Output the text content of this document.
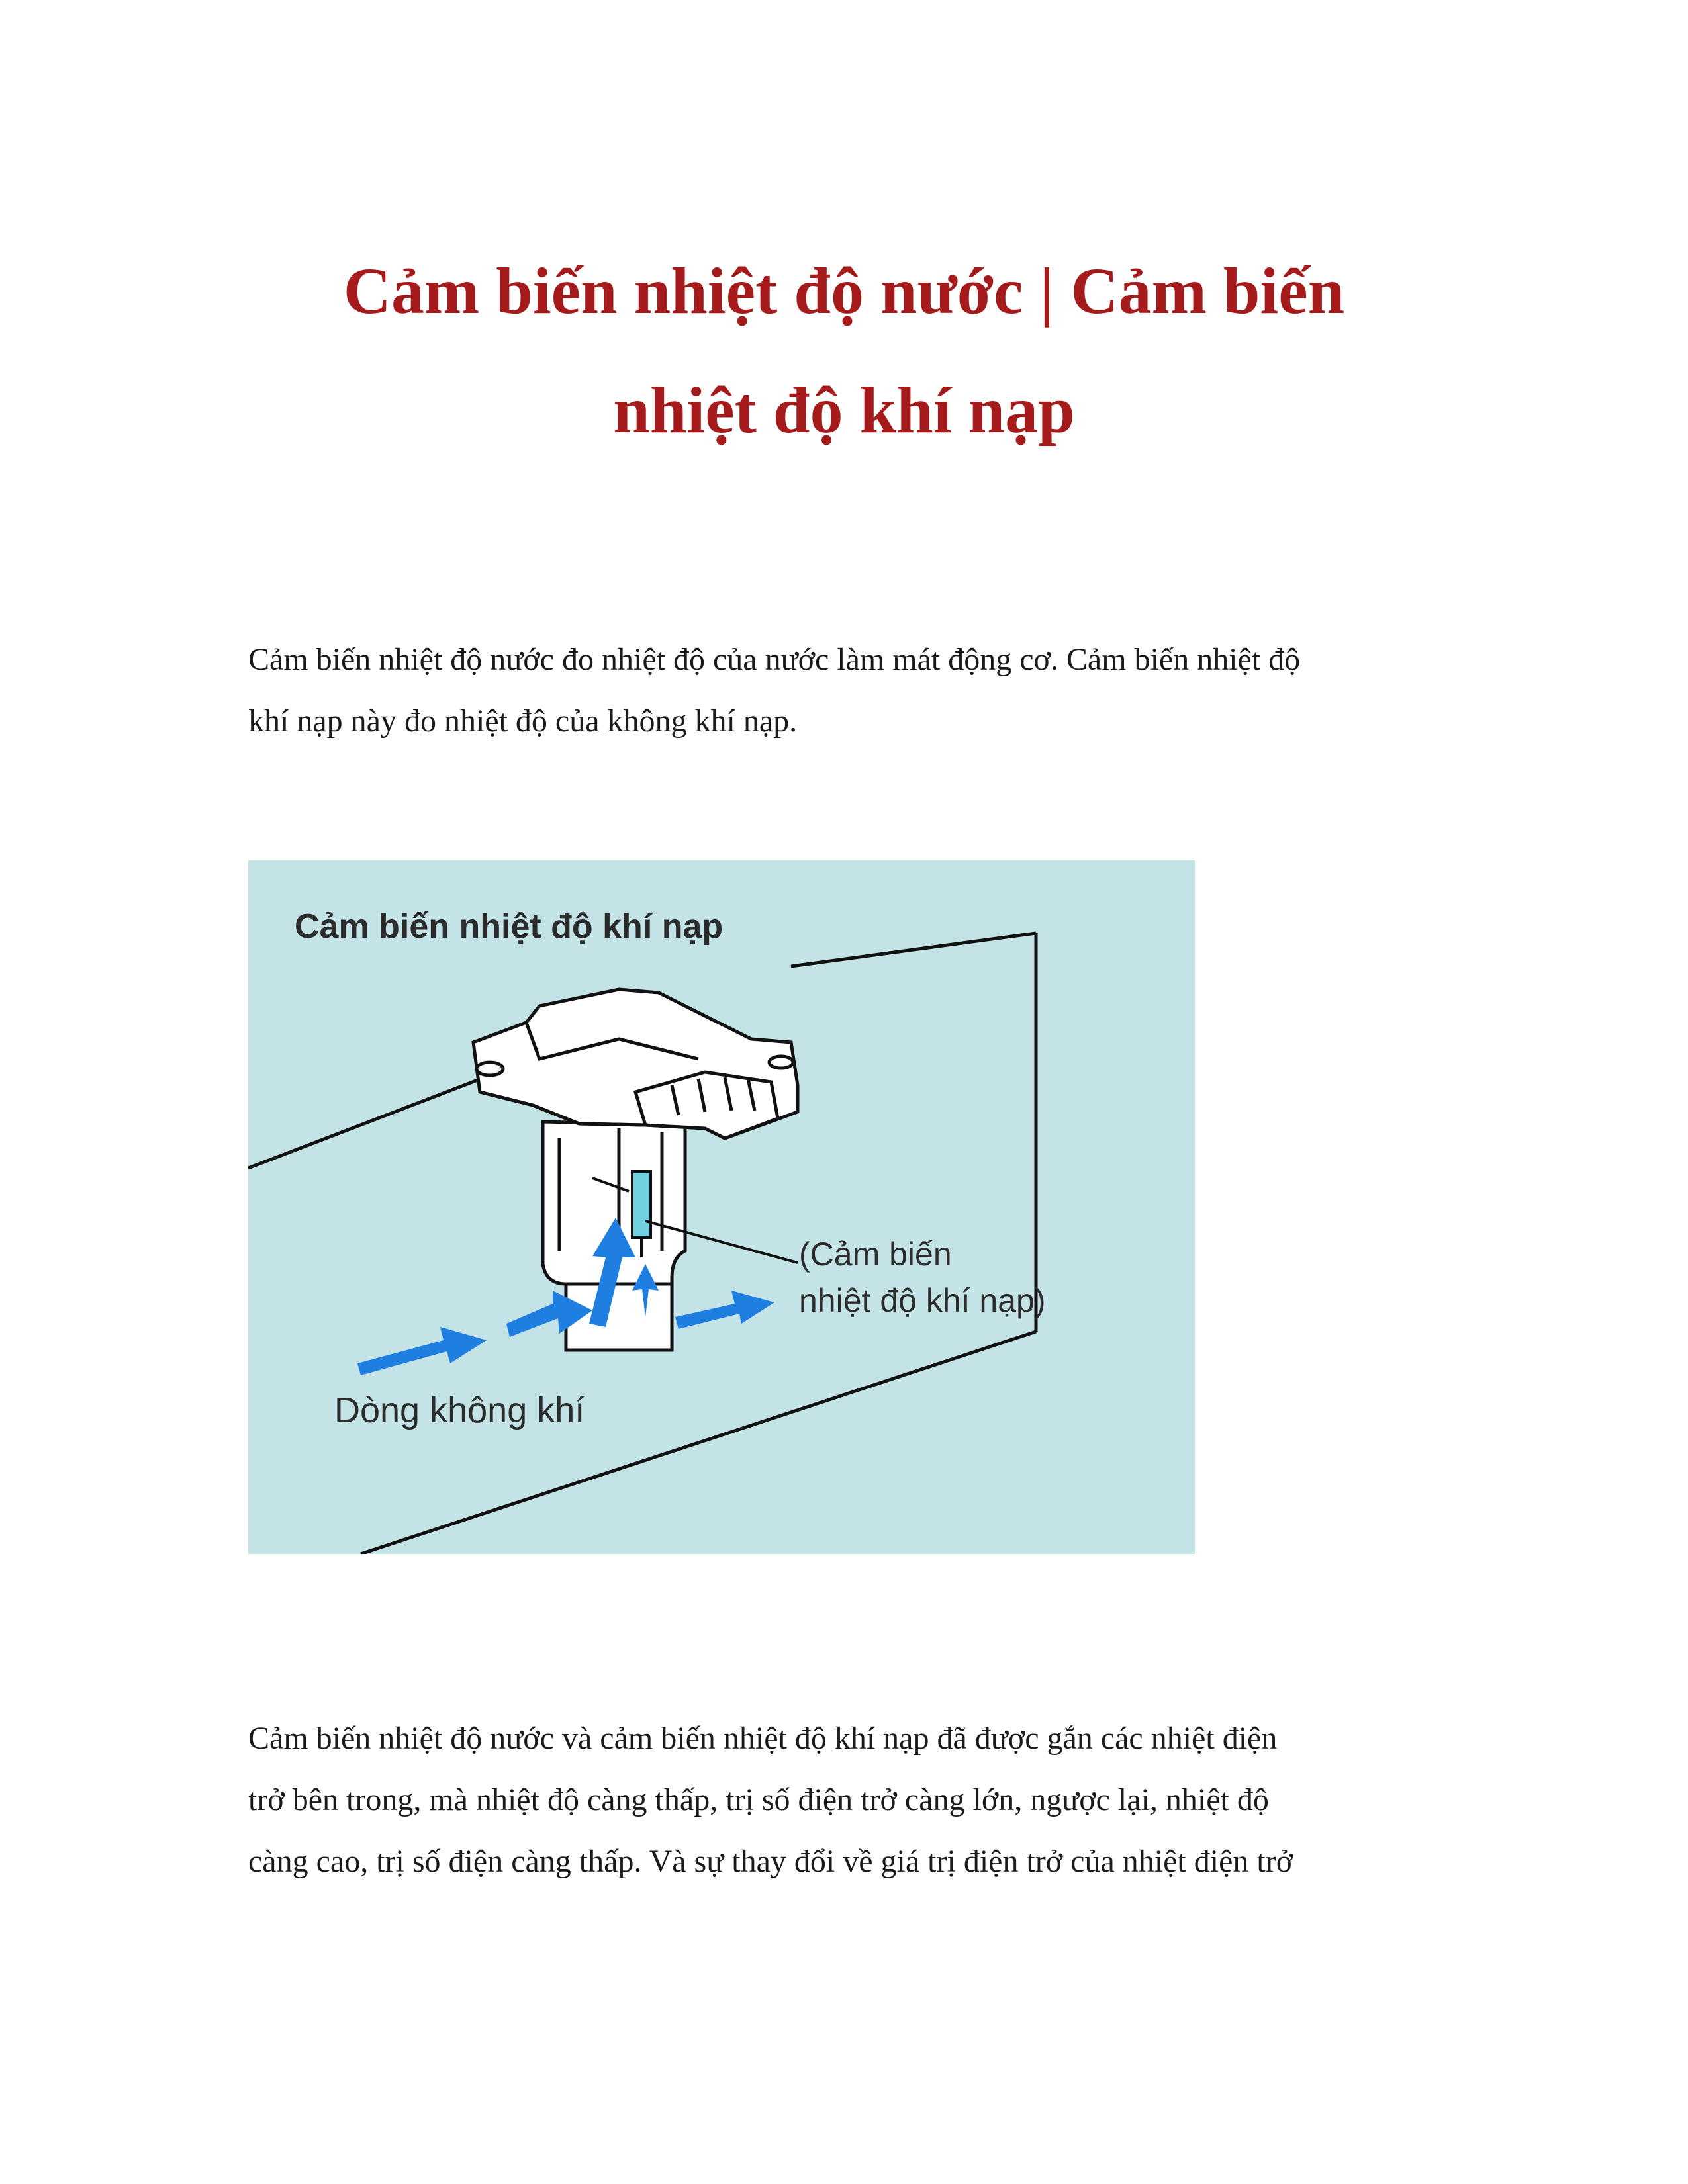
Cảm biến nhiệt độ nước | Cảm biến
nhiệt độ khí nạp

Cảm biến nhiệt độ nước đo nhiệt độ của nước làm mát động cơ. Cảm biến nhiệt độ
khí nạp này đo nhiệt độ của không khí nạp.

Cảm biến nhiệt độ khí nạp
(Cảm biến
nhiệt độ khí nạp)
Dòng không khí

Cảm biến nhiệt độ nước và cảm biến nhiệt độ khí nạp đã được gắn các nhiệt điện
trở bên trong, mà nhiệt độ càng thấp, trị số điện trở càng lớn, ngược lại, nhiệt độ
càng cao, trị số điện càng thấp. Và sự thay đổi về giá trị điện trở của nhiệt điện trở
